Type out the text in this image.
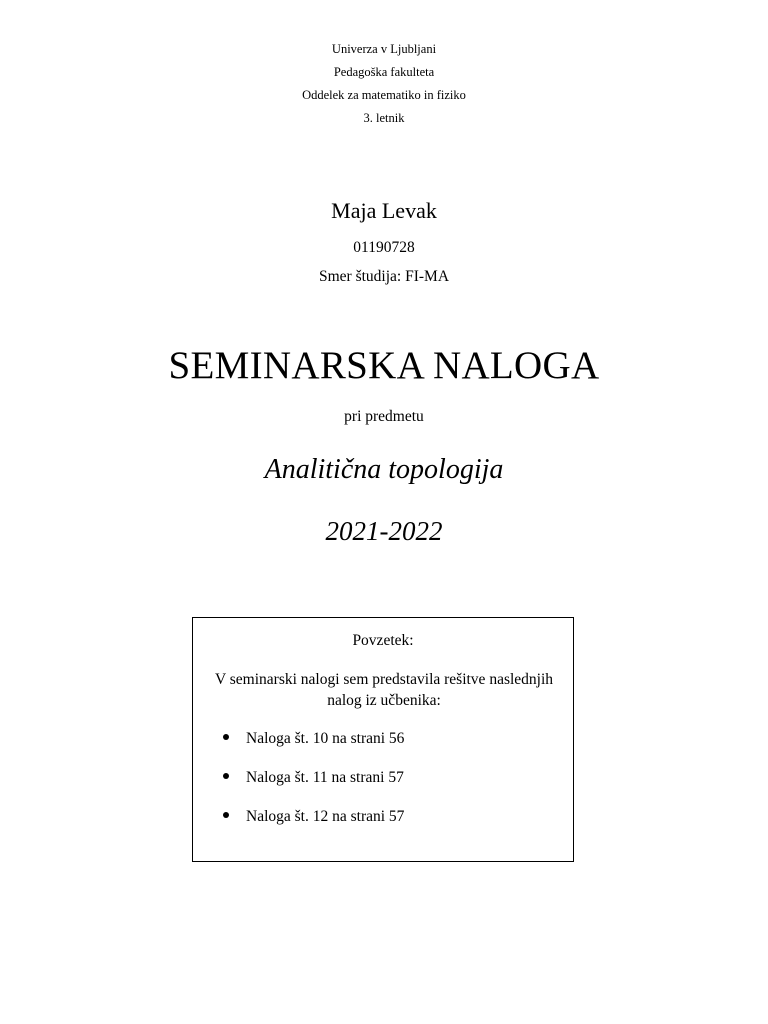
Univerza v Ljubljani
Pedagoška fakulteta
Oddelek za matematiko in fiziko
3. letnik
Maja Levak
01190728
Smer študija: FI-MA
SEMINARSKA NALOGA
pri predmetu
Analitična topologija
2021-2022
Povzetek:
V seminarski nalogi sem predstavila rešitve naslednjih nalog iz učbenika:
Naloga št. 10 na strani 56
Naloga št. 11 na strani 57
Naloga št. 12 na strani 57
